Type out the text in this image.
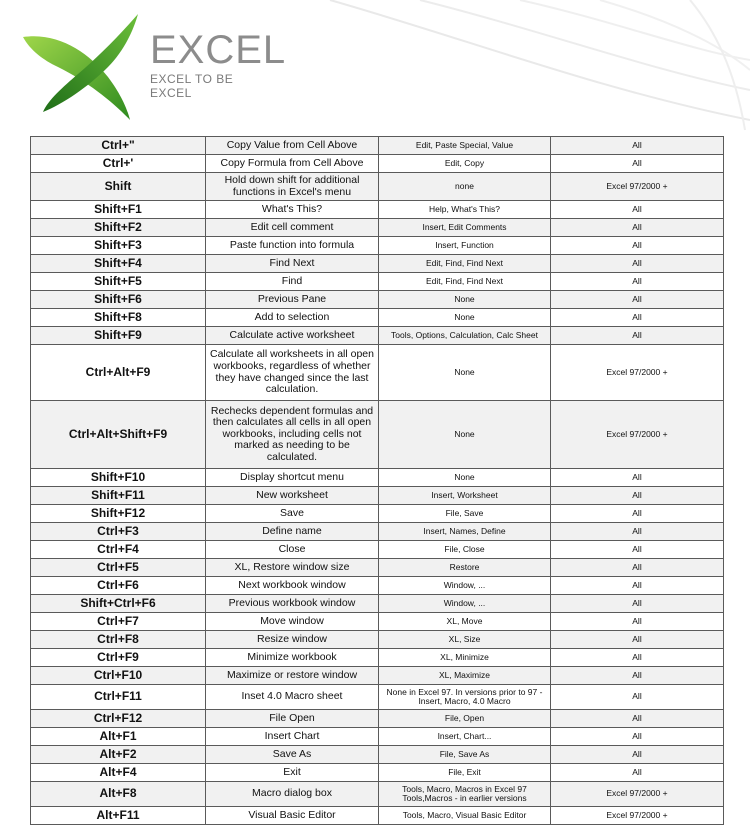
EXCEL
EXCEL TO BE EXCEL
Ctrl+"	Copy Value from Cell Above	Edit, Paste Special, Value	All
Ctrl+'	Copy Formula from Cell Above	Edit, Copy	All
Shift	Hold down shift for additional functions in Excel's menu	none	Excel 97/2000 +
Shift+F1	What's This?	Help, What's This?	All
Shift+F2	Edit cell comment	Insert, Edit Comments	All
Shift+F3	Paste function into formula	Insert, Function	All
Shift+F4	Find Next	Edit, Find, Find Next	All
Shift+F5	Find	Edit, Find, Find Next	All
Shift+F6	Previous Pane	None	All
Shift+F8	Add to selection	None	All
Shift+F9	Calculate active worksheet	Tools, Options, Calculation, Calc Sheet	All
Ctrl+Alt+F9	Calculate all worksheets in all open workbooks, regardless of whether they have changed since the last calculation.	None	Excel 97/2000 +
Ctrl+Alt+Shift+F9	Rechecks dependent formulas and then calculates all cells in all open workbooks, including cells not marked as needing to be calculated.	None	Excel 97/2000 +
Shift+F10	Display shortcut menu	None	All
Shift+F11	New worksheet	Insert, Worksheet	All
Shift+F12	Save	File, Save	All
Ctrl+F3	Define name	Insert, Names, Define	All
Ctrl+F4	Close	File, Close	All
Ctrl+F5	XL, Restore window size	Restore	All
Ctrl+F6	Next workbook window	Window, ...	All
Shift+Ctrl+F6	Previous workbook window	Window, ...	All
Ctrl+F7	Move window	XL, Move	All
Ctrl+F8	Resize window	XL, Size	All
Ctrl+F9	Minimize workbook	XL, Minimize	All
Ctrl+F10	Maximize or restore window	XL, Maximize	All
Ctrl+F11	Inset 4.0 Macro sheet	None in Excel 97. In versions prior to 97 - Insert, Macro, 4.0 Macro	All
Ctrl+F12	File Open	File, Open	All
Alt+F1	Insert Chart	Insert, Chart...	All
Alt+F2	Save As	File, Save As	All
Alt+F4	Exit	File, Exit	All
Alt+F8	Macro dialog box	Tools, Macro, Macros in Excel 97 Tools,Macros - in earlier versions	Excel 97/2000 +
Alt+F11	Visual Basic Editor	Tools, Macro, Visual Basic Editor	Excel 97/2000 +
